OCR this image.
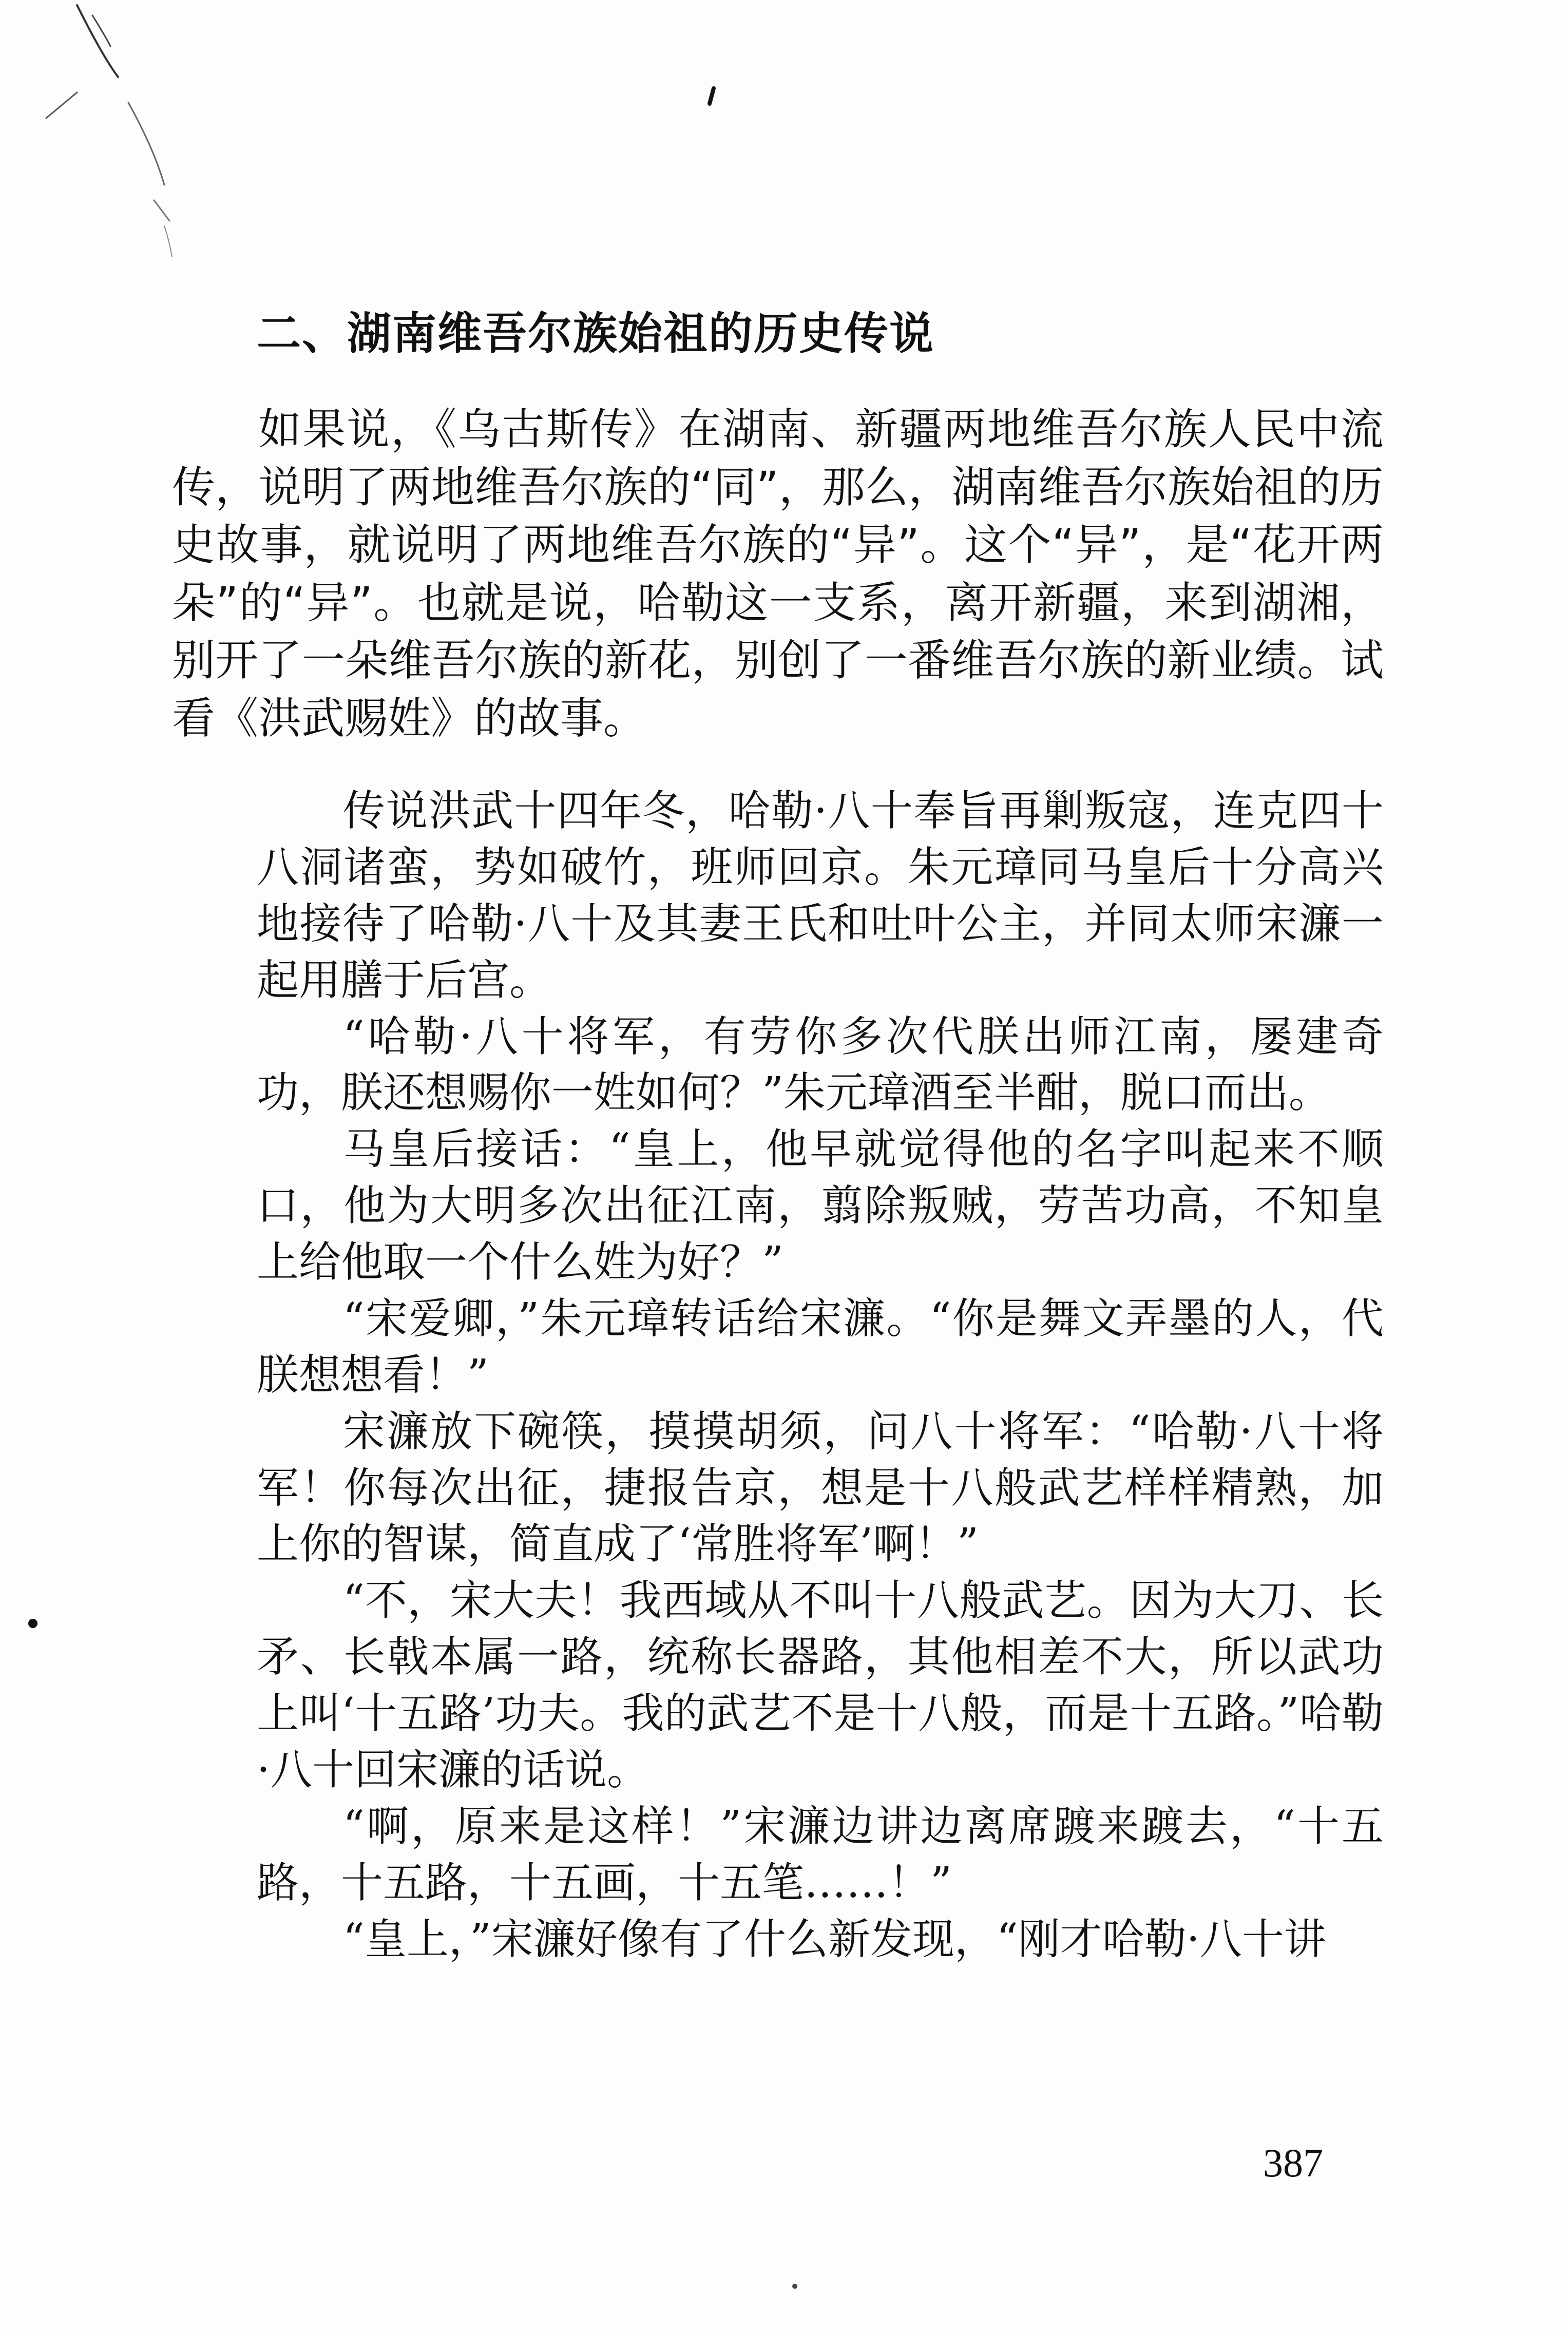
二、湖南维吾尔族始祖的历史传说

如果说，《乌古斯传》在湖南、新疆两地维吾尔族人民中流传，说明了两地维吾尔族的“同”，那么，湖南维吾尔族始祖的历史故事，就说明了两地维吾尔族的“异”。这个“异”，是“花开两朵”的“异”。也就是说，哈勒这一支系，离开新疆，来到湖湘，别开了一朵维吾尔族的新花，别创了一番维吾尔族的新业绩。试看《洪武赐姓》的故事。

传说洪武十四年冬，哈勒·八十奉旨再剿叛寇，连克四十八洞诸蛮，势如破竹，班师回京。朱元璋同马皇后十分高兴地接待了哈勒·八十及其妻王氏和吐叶公主，并同太师宋濂一起用膳于后宫。

“哈勒·八十将军，有劳你多次代朕出师江南，屡建奇功，朕还想赐你一姓如何？”朱元璋酒至半酣，脱口而出。

马皇后接话：“皇上，他早就觉得他的名字叫起来不顺口，他为大明多次出征江南，翦除叛贼，劳苦功高，不知皇上给他取一个什么姓为好？”

“宋爱卿，”朱元璋转话给宋濂。“你是舞文弄墨的人，代朕想想看！”

宋濂放下碗筷，摸摸胡须，问八十将军：“哈勒·八十将军！你每次出征，捷报告京，想是十八般武艺样样精熟，加上你的智谋，简直成了‘常胜将军’啊！”

“不，宋大夫！我西域从不叫十八般武艺。因为大刀、长矛、长戟本属一路，统称长器路，其他相差不大，所以武功上叫‘十五路’功夫。我的武艺不是十八般，而是十五路。”哈勒·八十回宋濂的话说。

“啊，原来是这样！”宋濂边讲边离席踱来踱去，“十五路，十五路，十五画，十五笔……！”

“皇上，”宋濂好像有了什么新发现，“刚才哈勒·八十讲

387
